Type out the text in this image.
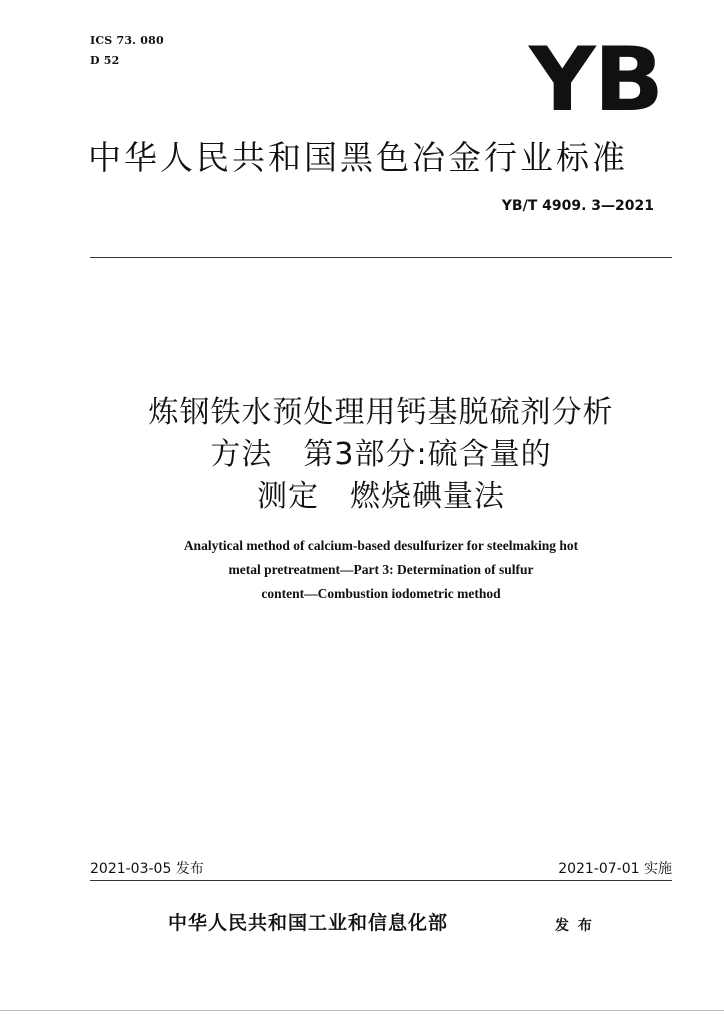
ICS 73. 080
D 52	YB
中华人民共和国黑色冶金行业标准
YB/T 4909. 3—2021
炼钢铁水预处理用钙基脱硫剂分析
方法　第3部分:硫含量的
测定　燃烧碘量法
Analytical method of calcium-based desulfurizer for steelmaking hot
metal pretreatment—Part 3: Determination of sulfur
content—Combustion iodometric method
2021-03-05 发布	2021-07-01 实施
中华人民共和国工业和信息化部	发 布
